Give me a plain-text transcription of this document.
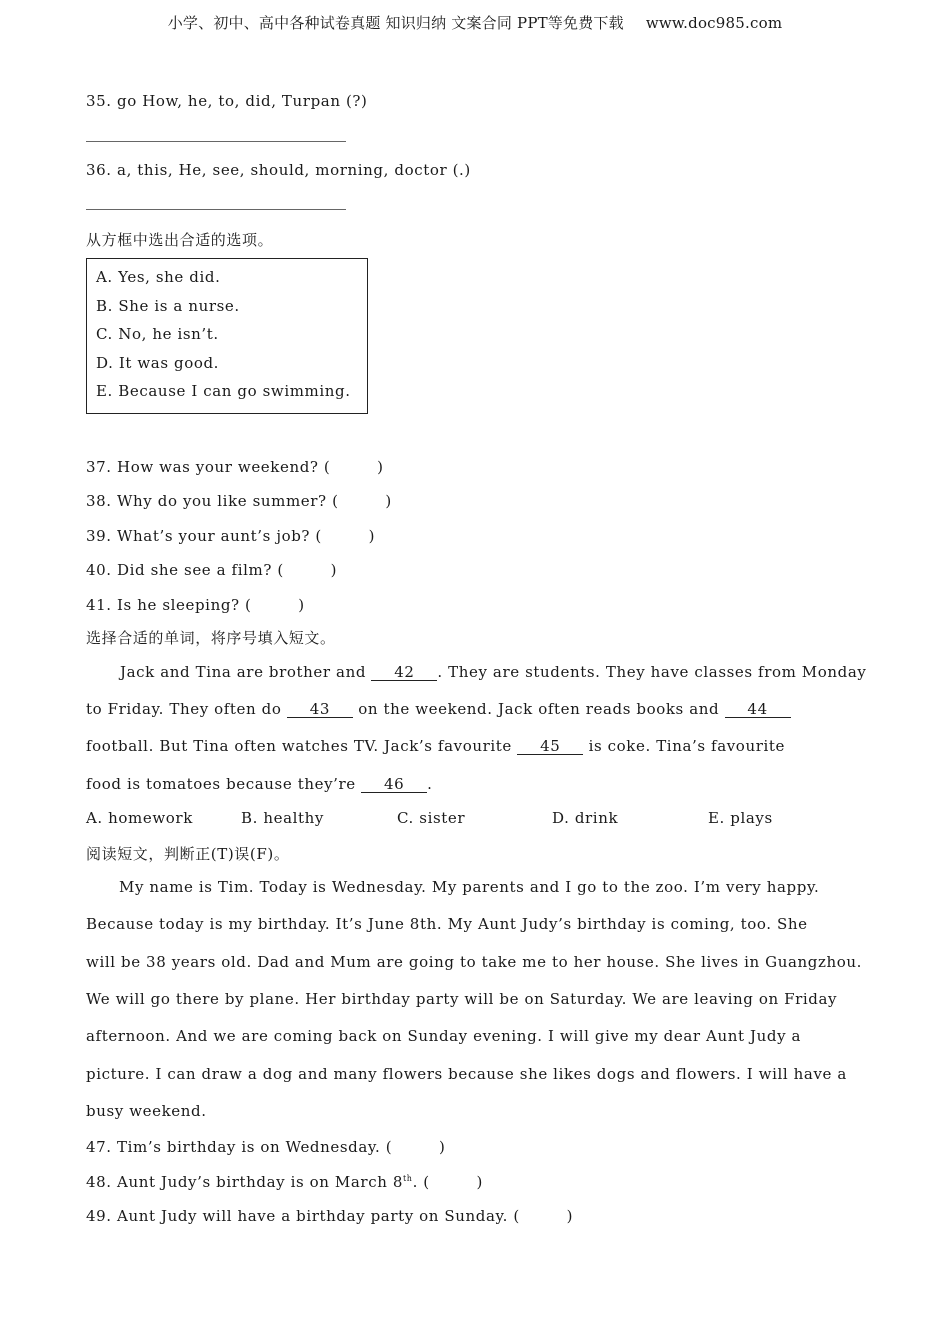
小学、初中、高中各种试卷真题 知识归纳 文案合同 PPT等免费下载 www.doc985.com
35. go How, he, to, did, Turpan (?)
36. a, this, He, see, should, morning, doctor (.)
从方框中选出合适的选项。
A. Yes, she did.
B. She is a nurse.
C. No, he isn’t.
D. It was good.
E. Because I can go swimming.
37. How was your weekend? (　　　)
38. Why do you like summer? (　　　)
39. What’s your aunt’s job? (　　　)
40. Did she see a film? (　　　)
41. Is he sleeping? (　　　)
选择合适的单词，将序号填入短文。
Jack and Tina are brother and 42 . They are students. They have classes from Monday
to Friday. They often do 43 on the weekend. Jack often reads books and 44
football. But Tina often watches TV. Jack’s favourite 45 is coke. Tina’s favourite
food is tomatoes because they’re 46 .
A. homework	B. healthy	C. sister	D. drink	E. plays
阅读短文，判断正(T)误(F)。
My name is Tim. Today is Wednesday. My parents and I go to the zoo. I’m very happy.
Because today is my birthday. It’s June 8th. My Aunt Judy’s birthday is coming, too. She
will be 38 years old. Dad and Mum are going to take me to her house. She lives in Guangzhou.
We will go there by plane. Her birthday party will be on Saturday. We are leaving on Friday
afternoon. And we are coming back on Sunday evening. I will give my dear Aunt Judy a
picture. I can draw a dog and many flowers because she likes dogs and flowers. I will have a
busy weekend.
47. Tim’s birthday is on Wednesday. (　　　)
48. Aunt Judy’s birthday is on March 8th. (　　　)
49. Aunt Judy will have a birthday party on Sunday. (　　　)
